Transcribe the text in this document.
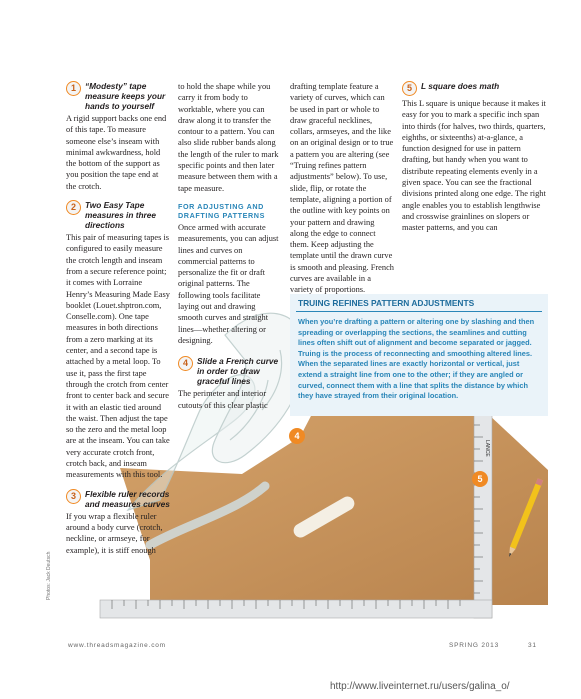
4
LANCE
5
1	“Modesty” tape measure keeps your hands to yourself

A rigid support backs one end of this tape. To measure someone else’s inseam with minimal awkwardness, hold the bottom of the support as you position the tape end at the crotch.

2	Two Easy Tape measures in three directions

This pair of measuring tapes is configured to easily measure the crotch length and inseam from a secure reference point; it comes with Lorraine Henry’s Measuring Made Easy booklet (Louet.shptron.com, Conselle.com). One tape measures in both directions from a zero marking at its center, and a second tape is attached by a metal loop. To use it, pass the first tape through the crotch from center front to center back and secure it with an elastic tied around the waist. Then adjust the tape so the zero and the metal loop are at the inseam. You can take very accurate crotch front, crotch back, and inseam measurements with this tool.

3	Flexible ruler records and measures curves

If you wrap a flexible ruler around a body curve (crotch, neckline, or armseye, for example), it is stiff enough

to hold the shape while you carry it from body to worktable, where you can draw along it to transfer the contour to a pattern. You can also slide rubber bands along the length of the ruler to mark specific points and then later measure between them with a tape measure.

FOR ADJUSTING AND DRAFTING PATTERNS

Once armed with accurate measurements, you can adjust lines and curves on commercial patterns to personalize the fit or draft original patterns. The following tools facilitate laying out and drawing smooth curves and straight lines—whether altering or designing.

4	Slide a French curve in order to draw graceful lines

The perimeter and interior cutouts of this clear plastic

drafting template feature a variety of curves, which can be used in part or whole to draw graceful necklines, collars, armseyes, and the like on an original design or to true a pattern you are altering (see “Truing refines pattern adjustments” below). To use, slide, flip, or rotate the template, aligning a portion of the outline with key points on your pattern and drawing along the edge to connect them. Keep adjusting the template until the drawn curve is smooth and pleasing. French curves are available in a variety of proportions.

5	L square does math

This L square is unique because it makes it easy for you to mark a specific inch span into thirds (for halves, two thirds, quarters, eighths, or sixteenths) at-a-glance, a function designed for use in pattern drafting, but handy when you want to distribute repeating elements evenly in a given space. You can see the fractional divisions printed along one edge. The right angle enables you to establish lengthwise and crosswise grainlines on slopers or master patterns, and you can

TRUING REFINES PATTERN ADJUSTMENTS

When you’re drafting a pattern or altering one by slashing and then spreading or overlapping the sections, the seamlines and cutting lines often shift out of alignment and become separated or jagged. Truing is the process of reconnecting and smoothing altered lines. When the separated lines are exactly horizontal or vertical, just extend a straight line from one to the other; if they are angled or curved, connect them with a line that splits the distance by which they have strayed from their original location.

www.threadsmagazine.com	SPRING 2013	31
Photos: Jack Deutsch
http://www.liveinternet.ru/users/galina_o/
